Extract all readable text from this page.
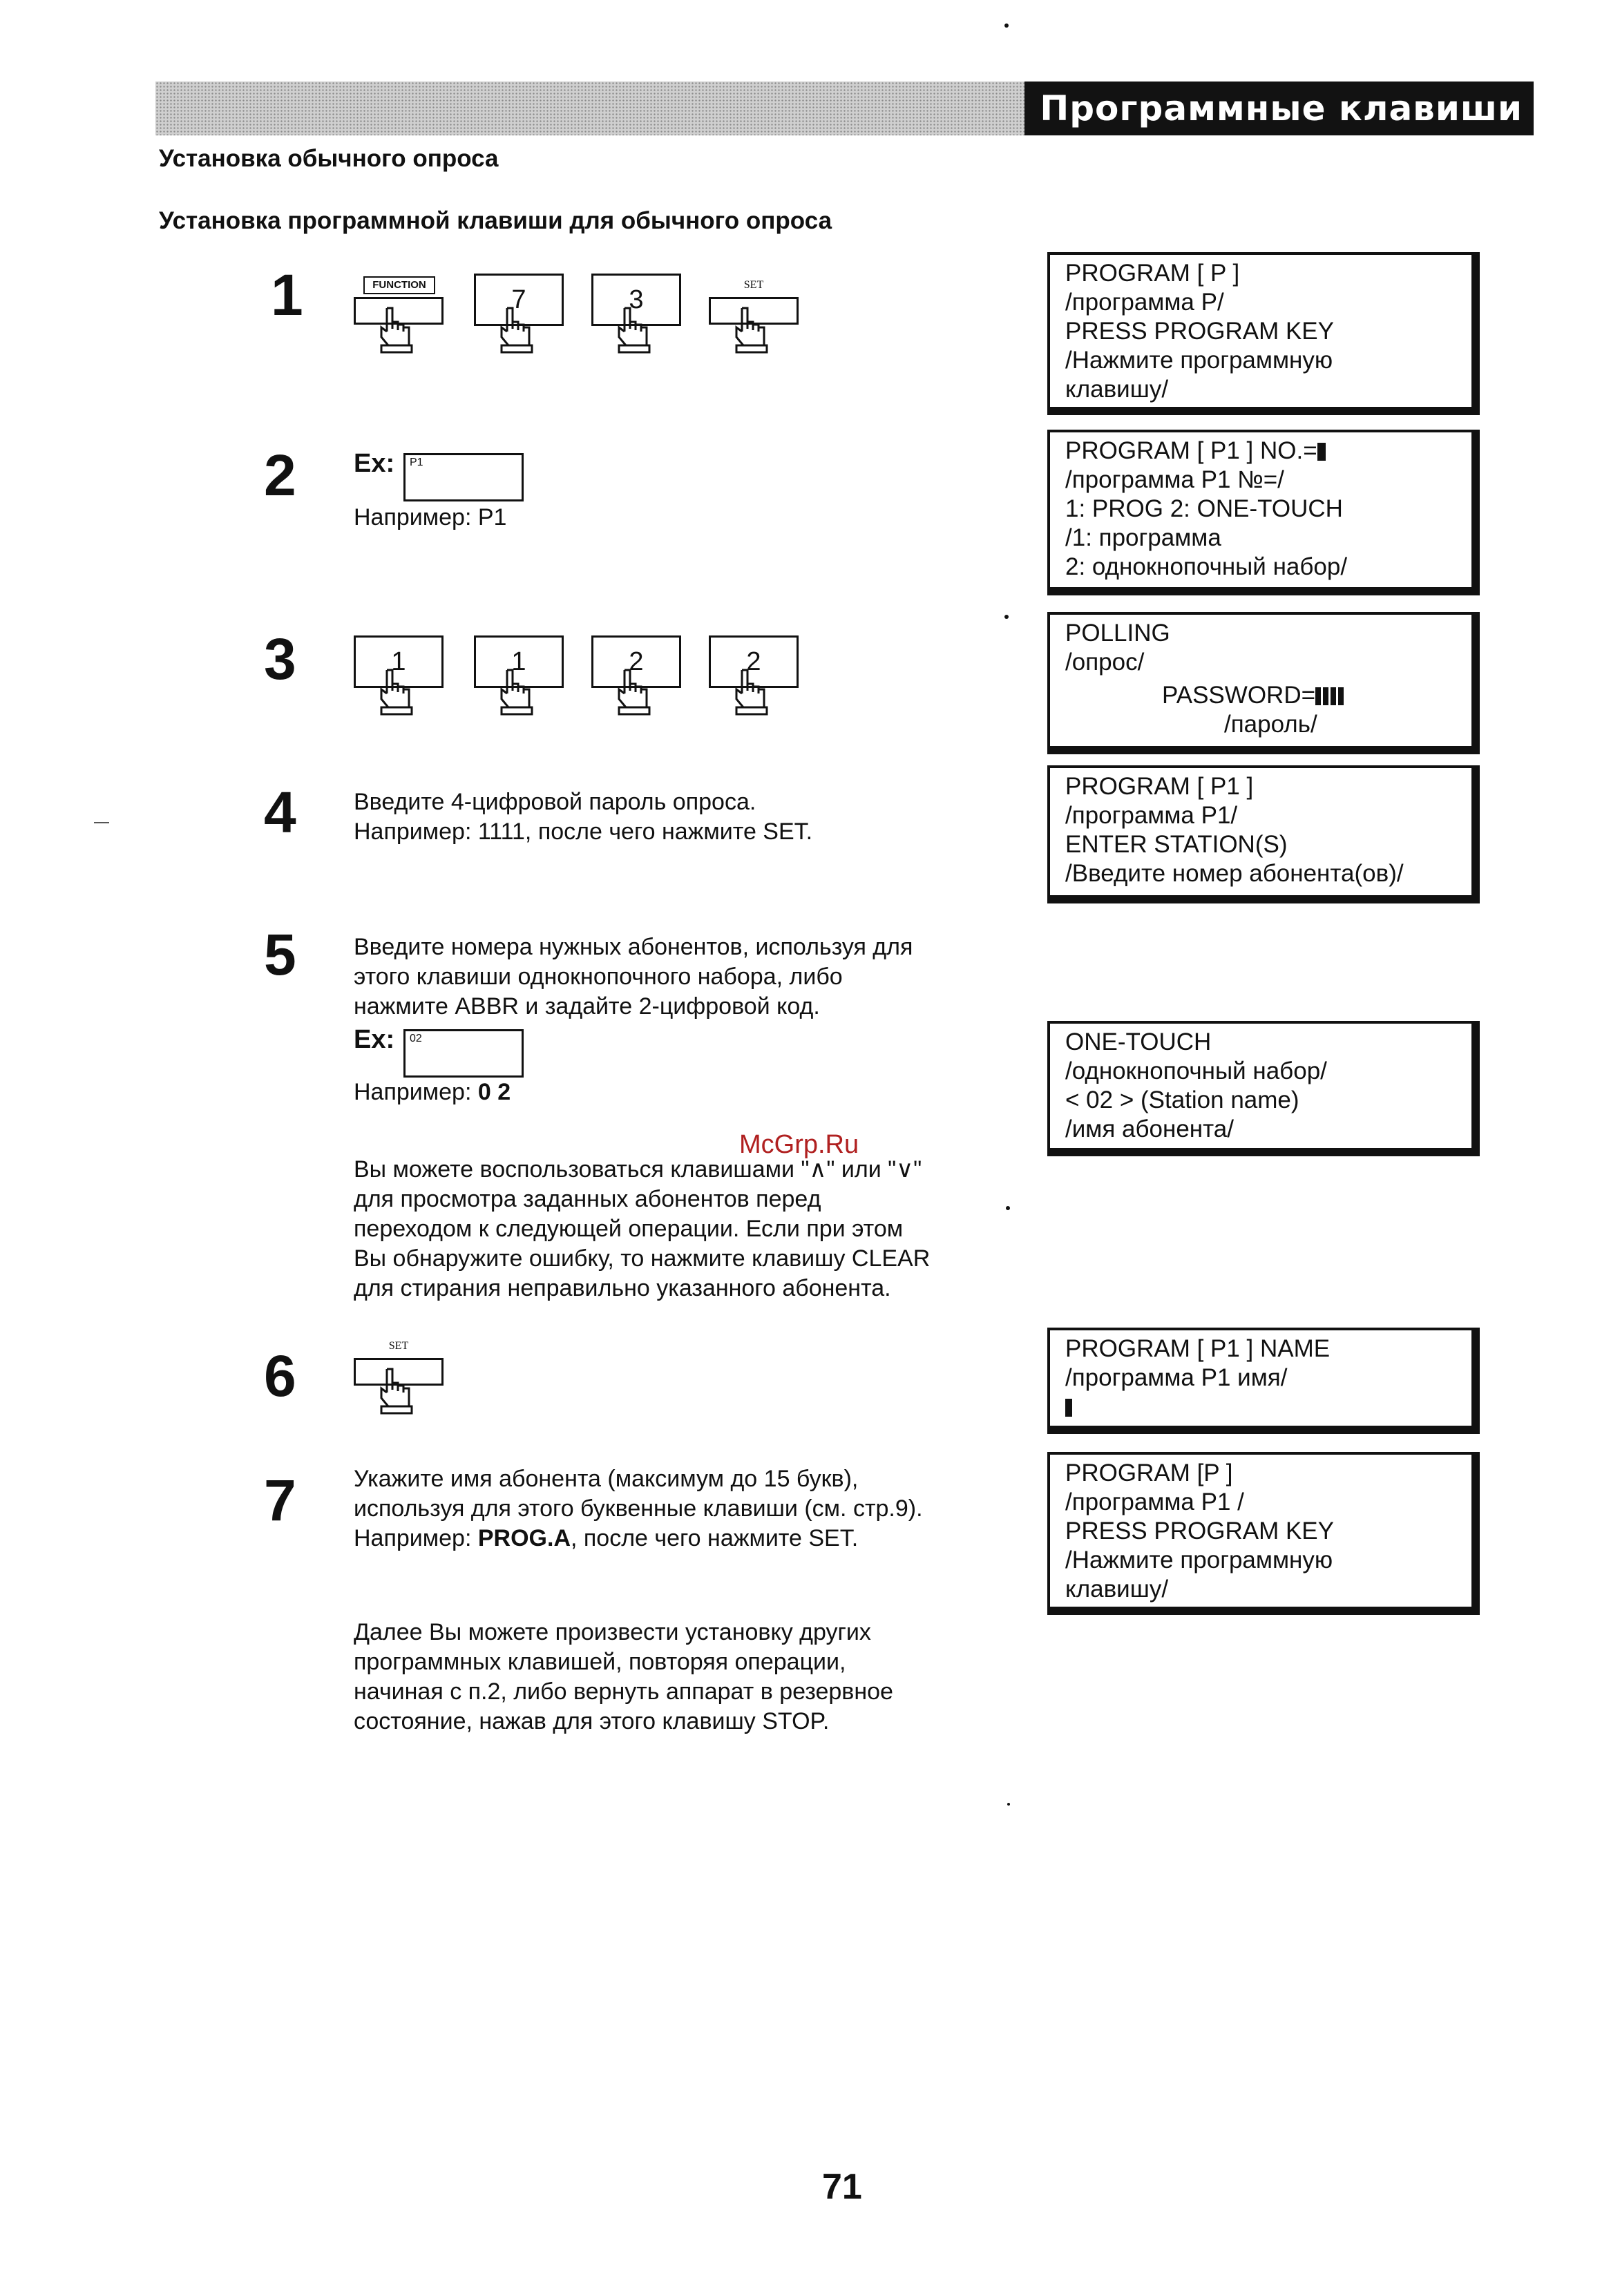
Программные клавиши
Установка обычного опроса
Установка программной клавиши для обычного опроса
1	FUNCTION
7	3
SET
2 Ex: P1
Например: P1
3	1	1	2	2
4 Введите 4-цифровой пароль опроса.
Например: 1111, после чего нажмите SET.
5 Введите номера нужных абонентов, используя для
этого клавиши однокнопочного набора, либо
нажмите ABBR и задайте 2-цифровой код.
Ex: 02
Например: 0 2
Вы можете воспользоваться клавишами "∧" или "∨"
для просмотра заданных абонентов перед
переходом к следующей операции. Если при этом
Вы обнаружите ошибку, то нажмите клавишу CLEAR
для стирания неправильно указанного абонента.
6	SET
7 Укажите имя абонента (максимум до 15 букв),
используя для этого буквенные клавиши (см. стр.9).
Например: PROG.A, после чего нажмите SET.
Далее Вы можете произвести установку других
программных клавишей, повторяя операции,
начиная с п.2, либо вернуть аппарат в резервное
состояние, нажав для этого клавишу STOP.
PROGRAM [ P ]
/программа P/
PRESS PROGRAM KEY
/Нажмите программную
клавишу/
PROGRAM [ P1 ] NO.=
/программа P1 №=/
1: PROG 2: ONE-TOUCH
/1: программа
2: однокнопочный набор/
POLLING
/опрос/
PASSWORD=
/пароль/
PROGRAM [ P1 ]
/программа P1/
ENTER STATION(S)
/Введите номер абонента(ов)/
ONE-TOUCH
/однокнопочный набор/
< 02 > (Station name)
/имя абонента/
PROGRAM [ P1 ] NAME
/программа P1 имя/
PROGRAM [P ]
/программа P1 /
PRESS PROGRAM KEY
/Нажмите программную
клавишу/
McGrp.Ru
71
